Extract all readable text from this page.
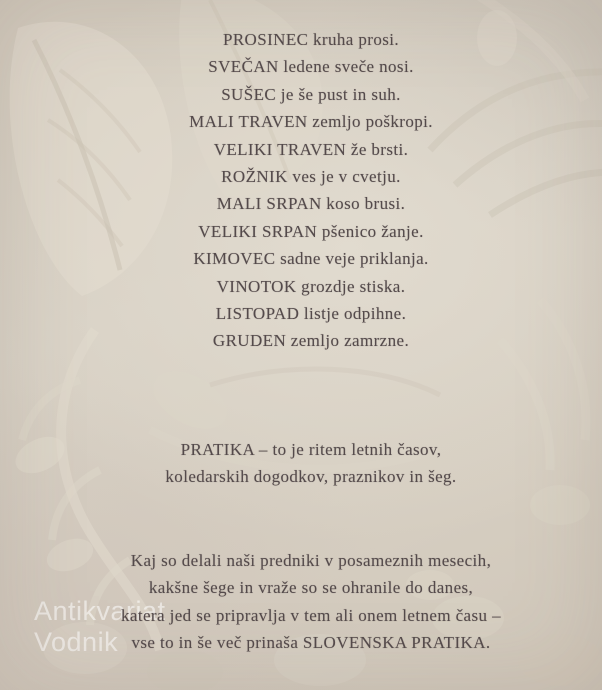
Antikvariat
Vodnik
PROSINEC kruha prosi.
SVEČAN ledene sveče nosi.
SUŠEC je še pust in suh.
MALI TRAVEN zemljo poškropi.
VELIKI TRAVEN že brsti.
ROŽNIK ves je v cvetju.
MALI SRPAN koso brusi.
VELIKI SRPAN pšenico žanje.
KIMOVEC sadne veje priklanja.
VINOTOK grozdje stiska.
LISTOPAD listje odpihne.
GRUDEN zemljo zamrzne.
PRATIKA – to je ritem letnih časov,
koledarskih dogodkov, praznikov in šeg.
Kaj so delali naši predniki v posameznih mesecih,
kakšne šege in vraže so se ohranile do danes,
katera jed se pripravlja v tem ali onem letnem času –
vse to in še več prinaša SLOVENSKA PRATIKA.
